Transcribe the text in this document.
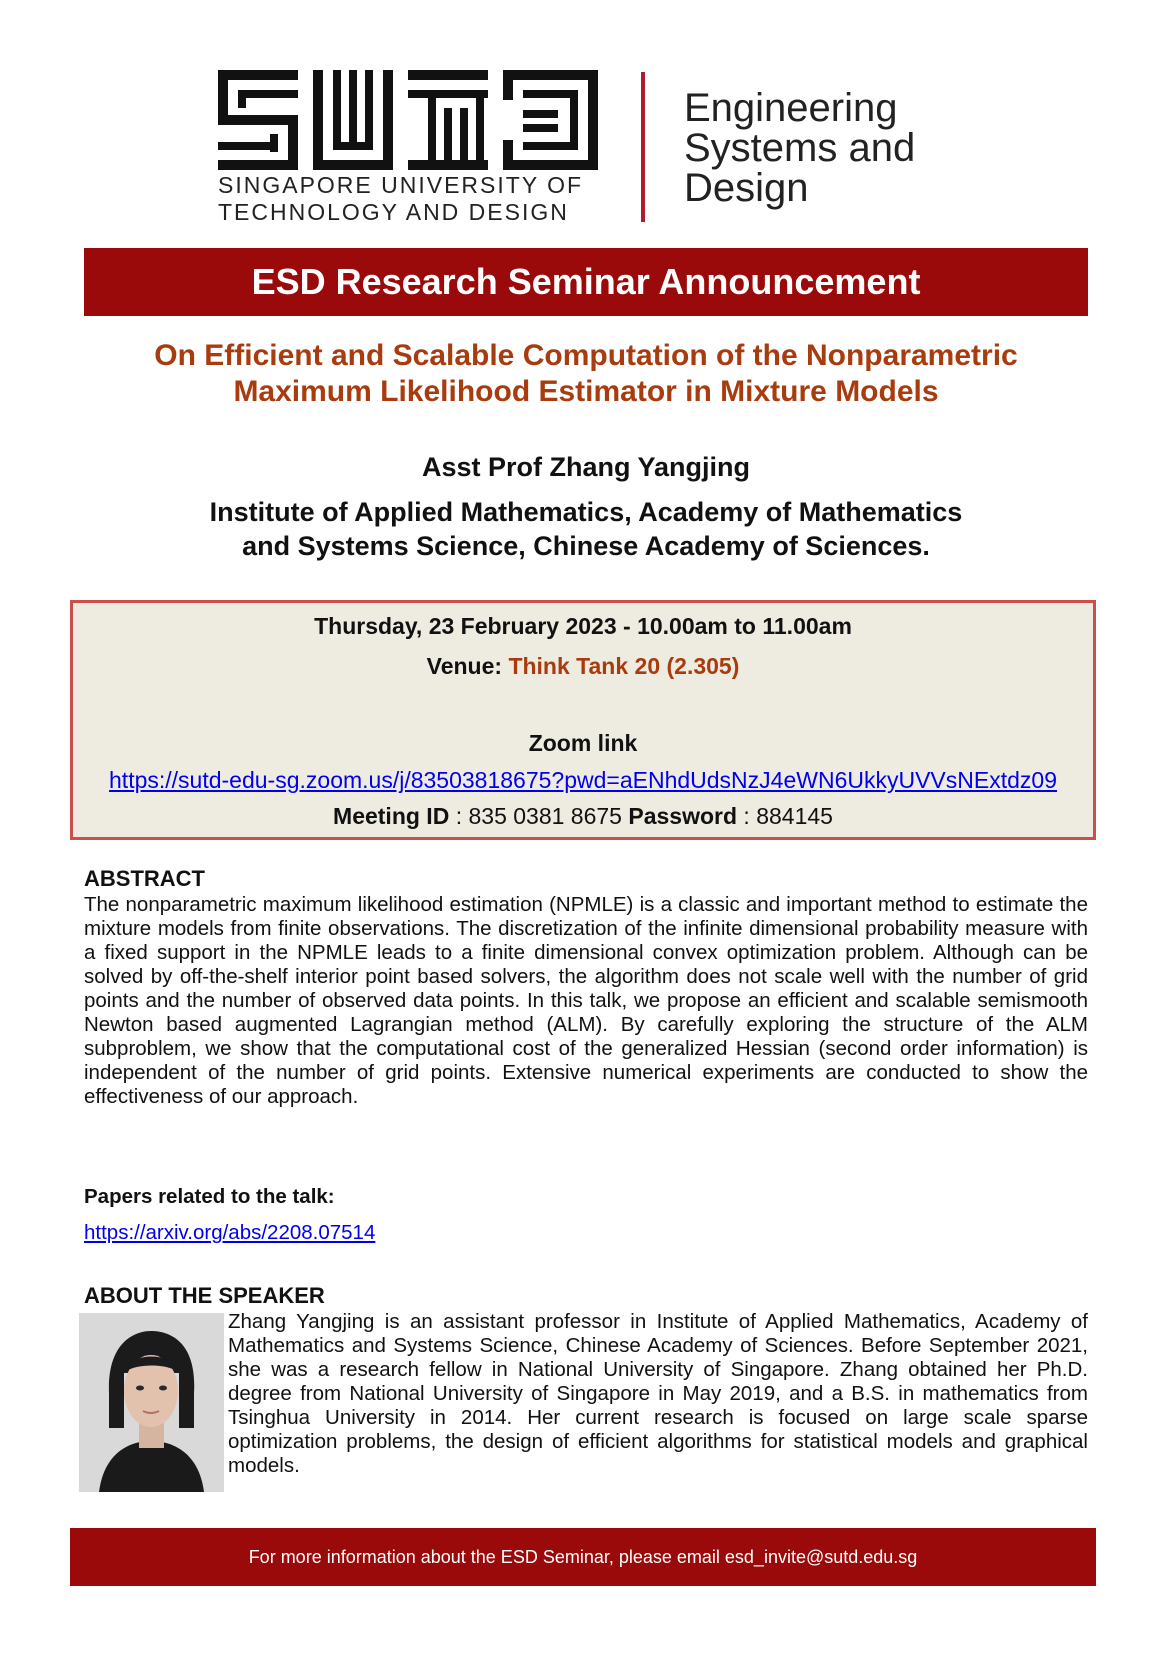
SINGAPORE UNIVERSITY OF
TECHNOLOGY AND DESIGN
Engineering
Systems and
Design
ESD Research Seminar Announcement
On Efficient and Scalable Computation of the Nonparametric
Maximum Likelihood Estimator in Mixture Models
Asst Prof Zhang Yangjing
Institute of Applied Mathematics, Academy of Mathematics
and Systems Science, Chinese Academy of Sciences.
Thursday, 23 February 2023 - 10.00am to 11.00am
Venue: Think Tank 20 (2.305)
Zoom link
https://sutd-edu-sg.zoom.us/j/83503818675?pwd=aENhdUdsNzJ4eWN6UkkyUVVsNExtdz09
Meeting ID : 835 0381 8675 Password : 884145
ABSTRACT
The nonparametric maximum likelihood estimation (NPMLE) is a classic and important method to estimate the mixture models from finite observations. The discretization of the infinite dimensional probability measure with a fixed support in the NPMLE leads to a finite dimensional convex optimization problem. Although can be solved by off-the-shelf interior point based solvers, the algorithm does not scale well with the number of grid points and the number of observed data points. In this talk, we propose an efficient and scalable semismooth Newton based augmented Lagrangian method (ALM). By carefully exploring the structure of the ALM subproblem, we show that the computational cost of the generalized Hessian (second order information) is independent of the number of grid points. Extensive numerical experiments are conducted to show the effectiveness of our approach.
Papers related to the talk:
https://arxiv.org/abs/2208.07514
ABOUT THE SPEAKER
Zhang Yangjing is an assistant professor in Institute of Applied Mathematics, Academy of Mathematics and Systems Science, Chinese Academy of Sciences. Before September 2021, she was a research fellow in National University of Singapore. Zhang obtained her Ph.D. degree from National University of Singapore in May 2019, and a B.S. in mathematics from Tsinghua University in 2014. Her current research is focused on large scale sparse optimization problems, the design of efficient algorithms for statistical models and graphical models.
For more information about the ESD Seminar, please email esd_invite@sutd.edu.sg
